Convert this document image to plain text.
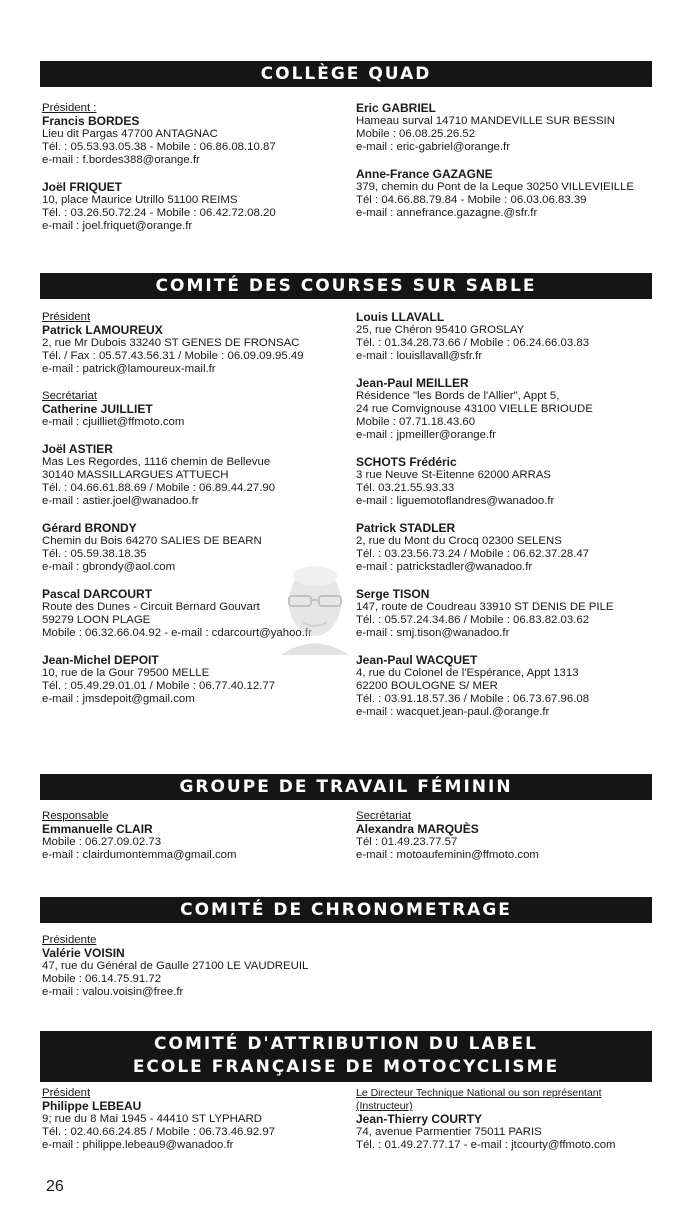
COLLÈGE QUAD
Président :
Francis BORDES
Lieu dit Pargas 47700 ANTAGNAC
Tél. : 05.53.93.05.38 - Mobile : 06.86.08.10.87
e-mail : f.bordes388@orange.fr
Joël FRIQUET
10, place Maurice Utrillo 51100 REIMS
Tél. : 03.26.50.72.24 - Mobile : 06.42.72.08.20
e-mail : joel.friquet@orange.fr
Eric GABRIEL
Hameau surval 14710 MANDEVILLE SUR BESSIN
Mobile : 06.08.25.26.52
e-mail : eric-gabriel@orange.fr
Anne-France GAZAGNE
379, chemin du Pont de la Leque 30250 VILLEVIEILLE
Tél : 04.66.88.79.84 - Mobile : 06.03.06.83.39
e-mail : annefrance.gazagne.@sfr.fr
COMITÉ DES COURSES SUR SABLE
Président
Patrick LAMOUREUX
2, rue Mr Dubois 33240 ST GENES DE FRONSAC
Tél. / Fax : 05.57.43.56.31 / Mobile : 06.09.09.95.49
e-mail : patrick@lamoureux-mail.fr
Secrétariat
Catherine JUILLIET
e-mail : cjuilliet@ffmoto.com
Joël ASTIER
Mas Les Regordes, 1116 chemin de Bellevue
30140 MASSILLARGUES ATTUECH
Tél. : 04.66.61.88.69 / Mobile : 06.89.44.27.90
e-mail : astier.joel@wanadoo.fr
Gérard BRONDY
Chemin du Bois 64270 SALIES DE BEARN
Tél. : 05.59.38.18.35
e-mail : gbrondy@aol.com
Pascal DARCOURT
Route des Dunes - Circuit Bernard Gouvart
59279 LOON PLAGE
Mobile : 06.32.66.04.92 - e-mail : cdarcourt@yahoo.fr
Jean-Michel DEPOIT
10, rue de la Gour 79500 MELLE
Tél. : 05.49.29.01.01 / Mobile : 06.77.40.12.77
e-mail : jmsdepoit@gmail.com
Louis LLAVALL
25, rue Chéron 95410 GROSLAY
Tél. : 01.34.28.73.66 / Mobile : 06.24.66.03.83
e-mail : louisllavall@sfr.fr
Jean-Paul MEILLER
Résidence "les Bords de l'Allier", Appt 5,
24 rue Comvignouse 43100 VIELLE BRIOUDE
Mobile : 07.71.18.43.60
e-mail : jpmeiller@orange.fr
SCHOTS Frédéric
3 rue Neuve St-Eitenne 62000 ARRAS
Tél. 03.21.55.93.33
e-mail : liguemotoflandres@wanadoo.fr
Patrick STADLER
2, rue du Mont du Crocq 02300 SELENS
Tél. : 03.23.56.73.24 / Mobile : 06.62.37.28.47
e-mail : patrickstadler@wanadoo.fr
Serge TISON
147, route de Coudreau 33910 ST DENIS DE PILE
Tél. : 05.57.24.34.86 / Mobile : 06.83.82.03.62
e-mail : smj.tison@wanadoo.fr
Jean-Paul WACQUET
4, rue du Colonel de l'Espérance, Appt 1313
62200 BOULOGNE S/ MER
Tél. : 03.91.18.57.36 / Mobile : 06.73.67.96.08
e-mail : wacquet.jean-paul.@orange.fr
GROUPE DE TRAVAIL FÉMININ
Responsable
Emmanuelle CLAIR
Mobile : 06.27.09.02.73
e-mail : clairdumontemma@gmail.com
Secrétariat
Alexandra MARQUÈS
Tél : 01.49.23.77.57
e-mail : motoaufeminin@ffmoto.com
COMITÉ DE CHRONOMETRAGE
Présidente
Valérie VOISIN
47, rue du Général de Gaulle 27100 LE VAUDREUIL
Mobile : 06.14.75.91.72
e-mail : valou.voisin@free.fr
COMITÉ D'ATTRIBUTION DU LABEL
ECOLE FRANÇAISE DE MOTOCYCLISME
Président
Philippe LEBEAU
9; rue du 8 Mai 1945 - 44410 ST LYPHARD
Tél. : 02.40.66.24.85 / Mobile : 06.73.46.92.97
e-mail : philippe.lebeau9@wanadoo.fr
Le Directeur Technique National ou son représentant (Instructeur)
Jean-Thierry COURTY
74, avenue Parmentier 75011 PARIS
Tél. : 01.49.27.77.17 - e-mail : jtcourty@ffmoto.com
26
